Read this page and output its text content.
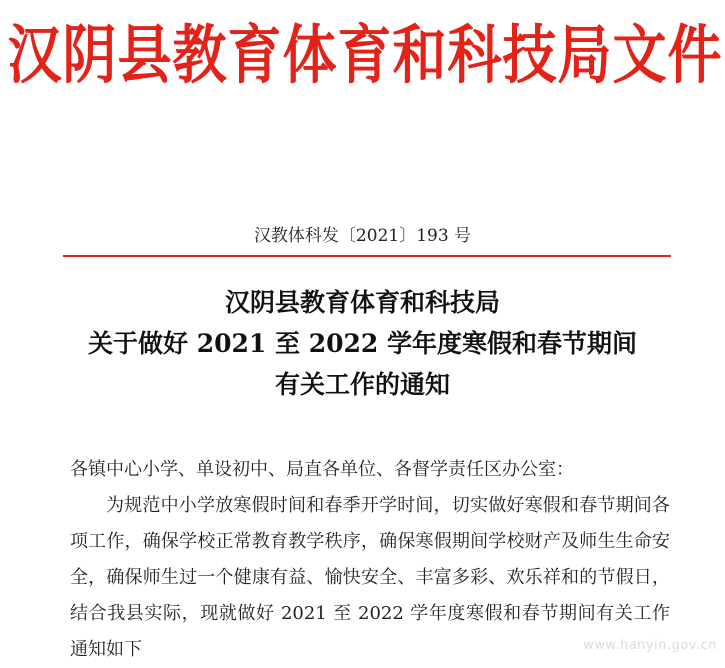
汉阴县教育体育和科技局文件
汉教体科发〔2021〕193 号
汉阴县教育体育和科技局
关于做好 2021 至 2022 学年度寒假和春节期间
有关工作的通知

各镇中心小学、单设初中、局直各单位、各督学责任区办公室：

为规范中小学放寒假时间和春季开学时间，切实做好寒假和春节期间各项工作，确保学校正常教育教学秩序，确保寒假期间学校财产及师生生命安全，确保师生过一个健康有益、愉快安全、丰富多彩、欢乐祥和的节假日，结合我县实际，现就做好 2021 至 2022 学年度寒假和春节期间有关工作通知如下	www.hanyin.gov.cn
